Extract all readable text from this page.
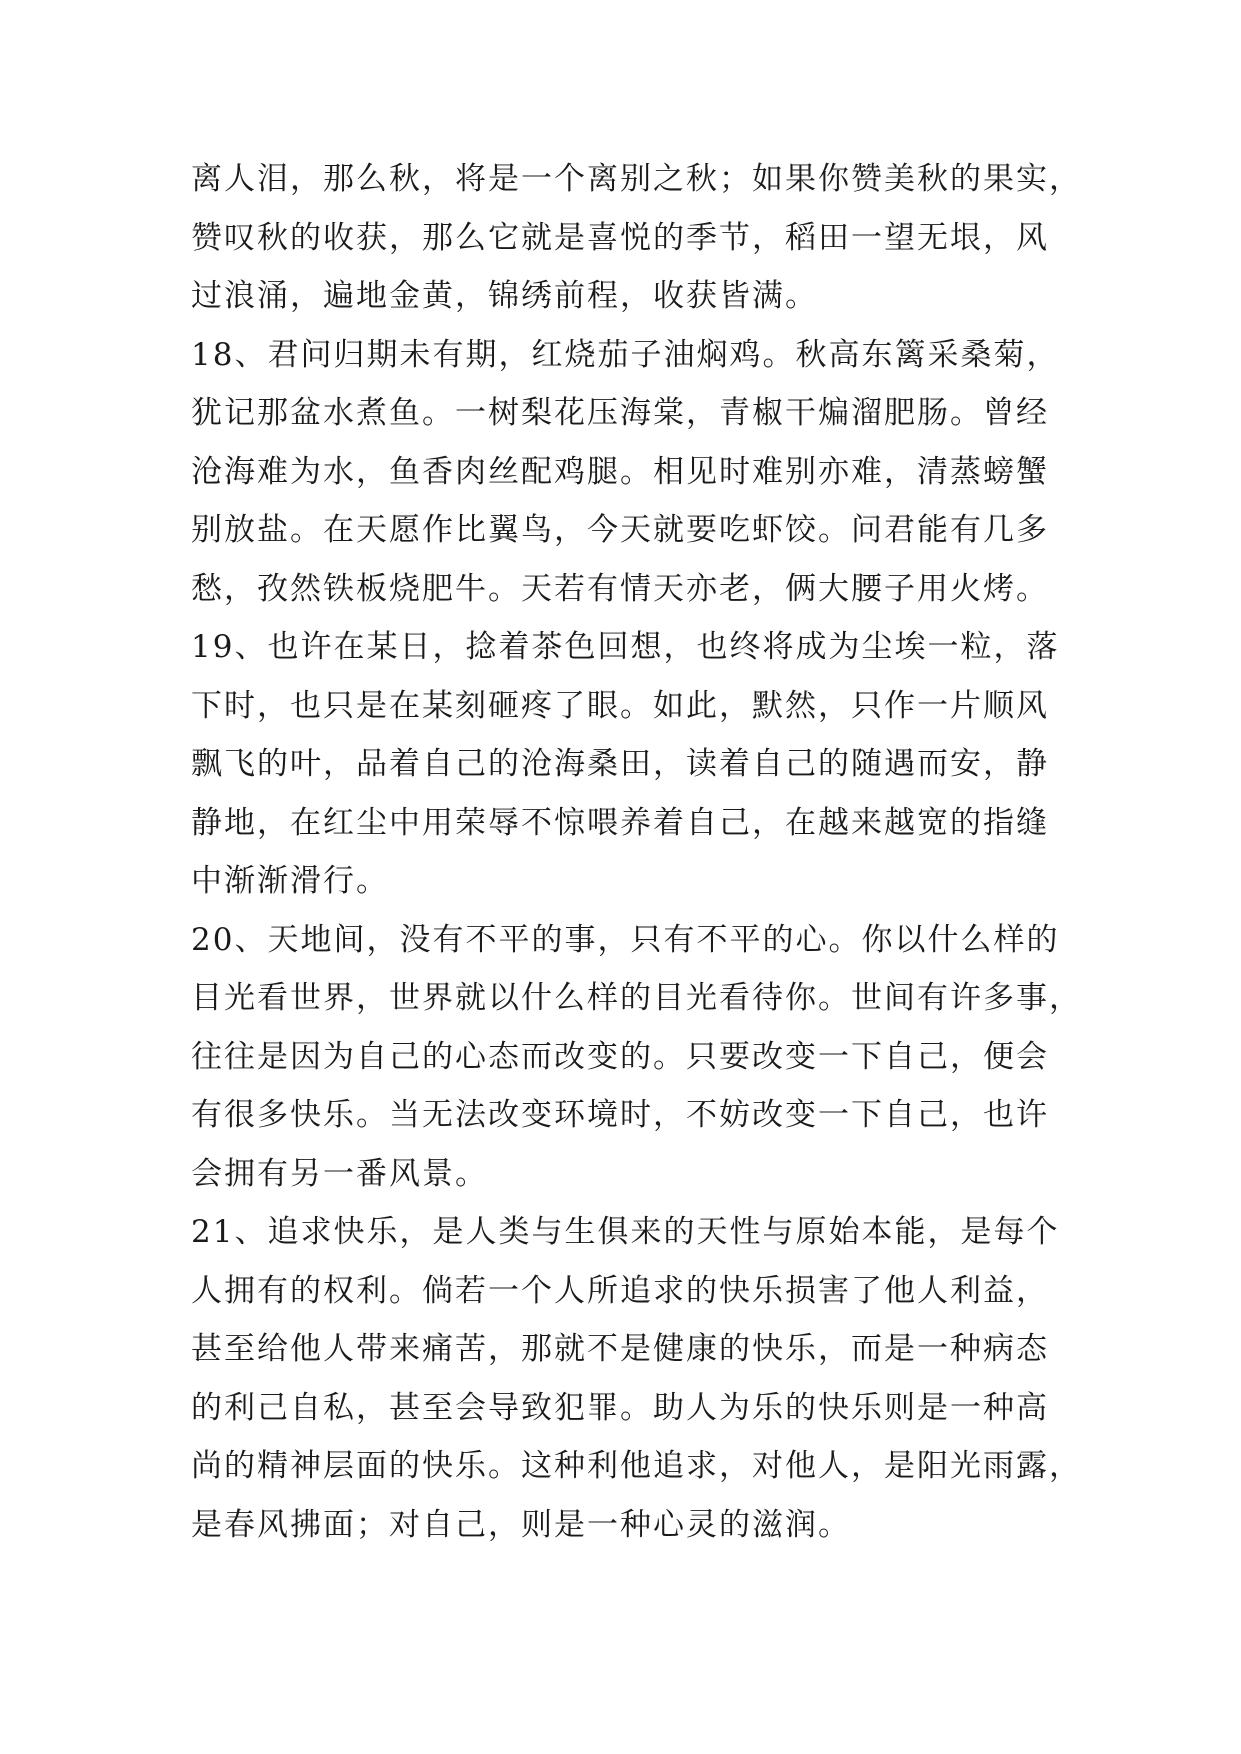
离人泪，那么秋，将是一个离别之秋；如果你赞美秋的果实，
赞叹秋的收获，那么它就是喜悦的季节，稻田一望无垠，风
过浪涌，遍地金黄，锦绣前程，收获皆满。
18、君问归期未有期，红烧茄子油焖鸡。秋高东篱采桑菊，
犹记那盆水煮鱼。一树梨花压海棠，青椒干煸溜肥肠。曾经
沧海难为水，鱼香肉丝配鸡腿。相见时难别亦难，清蒸螃蟹
别放盐。在天愿作比翼鸟，今天就要吃虾饺。问君能有几多
愁，孜然铁板烧肥牛。天若有情天亦老，俩大腰子用火烤。
19、也许在某日，捻着茶色回想，也终将成为尘埃一粒，落
下时，也只是在某刻砸疼了眼。如此，默然，只作一片顺风
飘飞的叶，品着自己的沧海桑田，读着自己的随遇而安，静
静地，在红尘中用荣辱不惊喂养着自己，在越来越宽的指缝
中渐渐滑行。
20、天地间，没有不平的事，只有不平的心。你以什么样的
目光看世界，世界就以什么样的目光看待你。世间有许多事，
往往是因为自己的心态而改变的。只要改变一下自己，便会
有很多快乐。当无法改变环境时，不妨改变一下自己，也许
会拥有另一番风景。
21、追求快乐，是人类与生俱来的天性与原始本能，是每个
人拥有的权利。倘若一个人所追求的快乐损害了他人利益，
甚至给他人带来痛苦，那就不是健康的快乐，而是一种病态
的利己自私，甚至会导致犯罪。助人为乐的快乐则是一种高
尚的精神层面的快乐。这种利他追求，对他人，是阳光雨露，
是春风拂面；对自己，则是一种心灵的滋润。
